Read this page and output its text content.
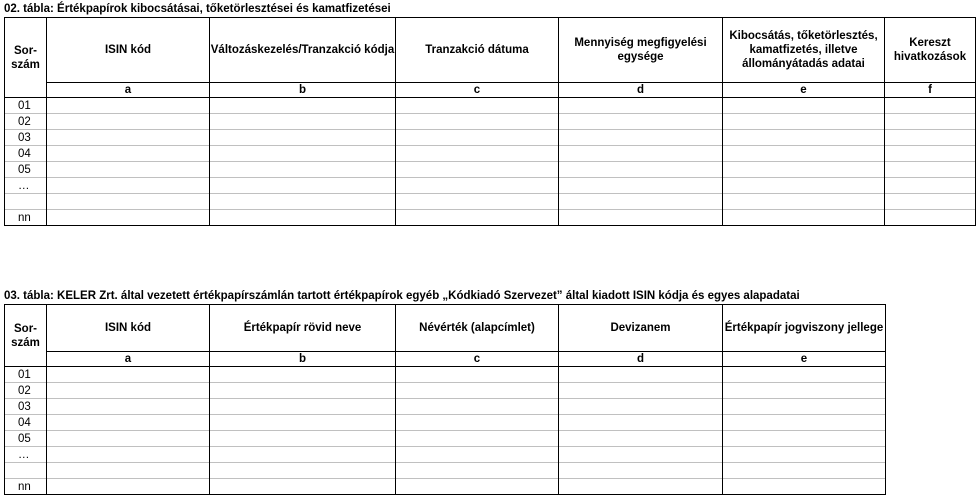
02. tábla: Értékpapírok kibocsátásai, tőketörlesztései és kamatfizetései
Sor-
szám	ISIN kód	Változáskezelés/Tranzakció kódja	Tranzakció dátuma	Mennyiség megfigyelési egysége	Kibocsátás, tőketörlesztés, kamatfizetés, illetve állományátadás adatai	Kereszt hivatkozások
	a	b	c	d	e	f
01						
02						
03						
04						
05						
…						

nn						
03. tábla: KELER Zrt. által vezetett értékpapírszámlán tartott értékpapírok egyéb „Kódkiadó Szervezet” által kiadott ISIN kódja és egyes alapadatai
Sor-
szám	ISIN kód	Értékpapír rövid neve	Névérték (alapcímlet)	Devizanem	Értékpapír jogviszony jellege
	a	b	c	d	e
01					
02					
03					
04					
05					
…					

nn					
